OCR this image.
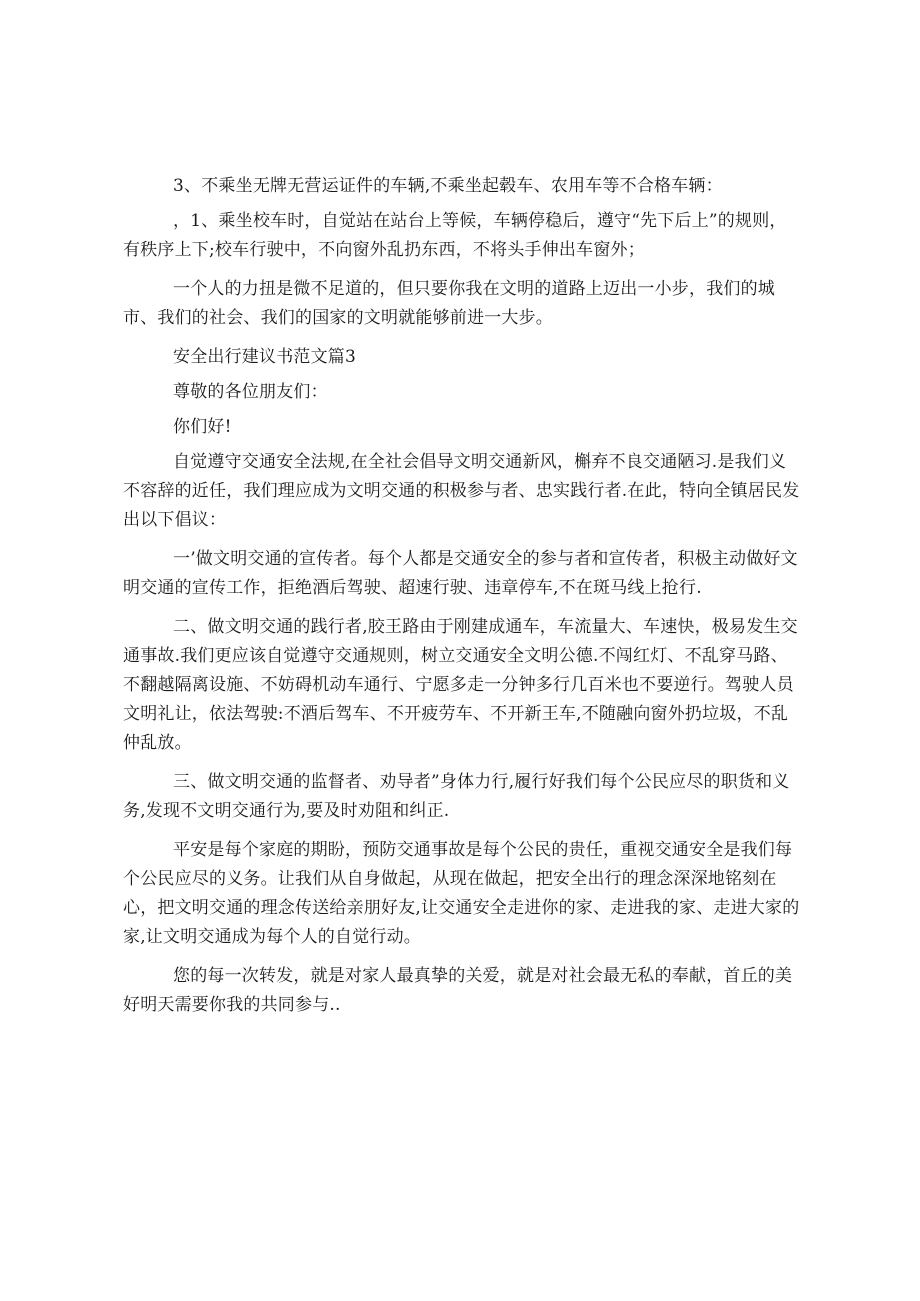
3、不乘坐无牌无营运证件的车辆,不乘坐起毂车、农用车等不合格车辆：

，1、乘坐校车时，自觉站在站台上等候，车辆停稳后，遵守“先下后上”的规则，有秩序上下;校车行驶中，不向窗外乱扔东西，不将头手伸出车窗外；

一个人的力扭是微不足道的，但只要你我在文明的道路上迈出一小步，我们的城市、我们的社会、我们的国家的文明就能够前进一大步。

安全出行建议书范文篇3

尊敬的各位朋友们：

你们好!

自觉遵守交通安全法规,在全社会倡导文明交通新风，槲弃不良交通陋习.是我们义不容辞的近任，我们理应成为文明交通的积极参与者、忠实践行者.在此，特向全镇居民发出以下倡议：

一’做文明交通的宣传者。每个人都是交通安全的参与者和宣传者，积极主动做好文明交通的宣传工作，拒绝酒后驾驶、超速行驶、违章停车,不在斑马线上抢行.

二、做文明交通的践行者,胶王路由于刚建成通车，车流量大、车速快，极易发生交通事故.我们更应该自觉遵守交通规则，树立交通安全文明公德.不闯红灯、不乱穿马路、不翻越隔离设施、不妨碍机动车通行、宁愿多走一分钟多行几百米也不要逆行。驾驶人员文明礼让，依法驾驶:不酒后驾车、不开疲劳车、不开新王车,不随融向窗外扔垃圾，不乱仲乱放。

三、做文明交通的监督者、劝导者”身体力行,履行好我们每个公民应尽的职货和义务,发现不文明交通行为,要及时劝阻和纠正.

平安是每个家庭的期盼，预防交通事故是每个公民的贵任，重视交通安全是我们每个公民应尽的义务。让我们从自身做起，从现在做起，把安全出行的理念深深地铭刻在心，把文明交通的理念传送给亲朋好友,让交通安全走进你的家、走进我的家、走进大家的家,让文明交通成为每个人的自觉行动。

您的每一次转发，就是对家人最真挚的关爱，就是对社会最无私的奉献，首丘的美好明天需要你我的共同参与..
